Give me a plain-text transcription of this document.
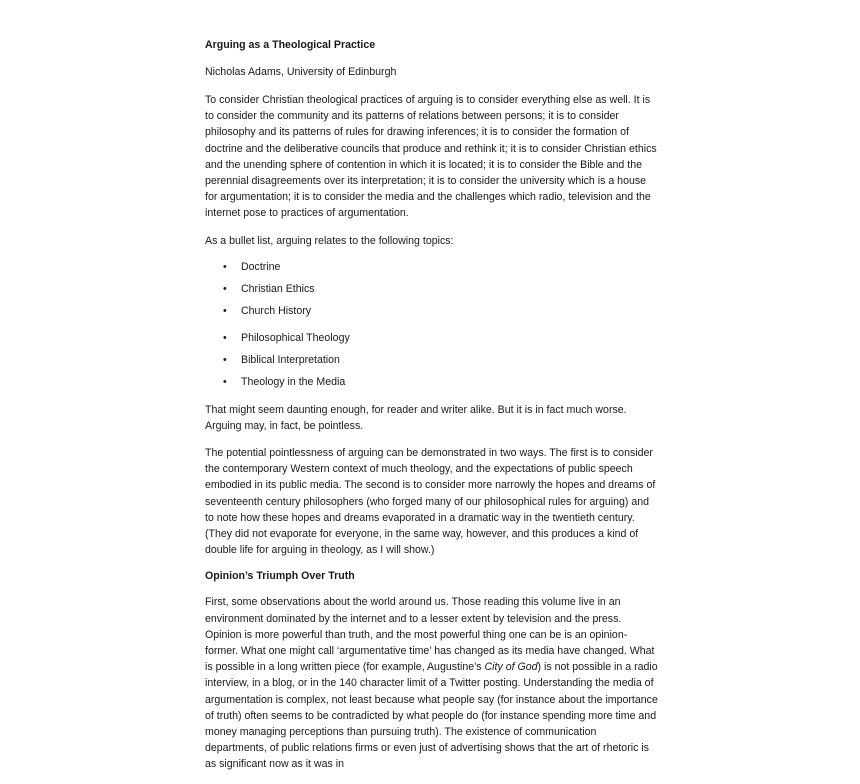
Arguing as a Theological Practice
Nicholas Adams, University of Edinburgh

To consider Christian theological practices of arguing is to consider everything else as well. It is to consider the community and its patterns of relations between persons; it is to consider philosophy and its patterns of rules for drawing inferences; it is to consider the formation of doctrine and the deliberative councils that produce and rethink it; it is to consider Christian ethics and the unending sphere of contention in which it is located; it is to consider the Bible and the perennial disagreements over its interpretation; it is to consider the university which is a house for argumentation; it is to consider the media and the challenges which radio, television and the internet pose to practices of argumentation.

As a bullet list, arguing relates to the following topics:

• Doctrine
• Christian Ethics
• Church History
• Philosophical Theology
• Biblical Interpretation
• Theology in the Media

That might seem daunting enough, for reader and writer alike. But it is in fact much worse. Arguing may, in fact, be pointless.

The potential pointlessness of arguing can be demonstrated in two ways. The first is to consider the contemporary Western context of much theology, and the expectations of public speech embodied in its public media. The second is to consider more narrowly the hopes and dreams of seventeenth century philosophers (who forged many of our philosophical rules for arguing) and to note how these hopes and dreams evaporated in a dramatic way in the twentieth century. (They did not evaporate for everyone, in the same way, however, and this produces a kind of double life for arguing in theology, as I will show.)

Opinion’s Triumph Over Truth

First, some observations about the world around us. Those reading this volume live in an environment dominated by the internet and to a lesser extent by television and the press. Opinion is more powerful than truth, and the most powerful thing one can be is an opinion-former. What one might call ‘argumentative time’ has changed as its media have changed. What is possible in a long written piece (for example, Augustine’s City of God) is not possible in a radio interview, in a blog, or in the 140 character limit of a Twitter posting. Understanding the media of argumentation is complex, not least because what people say (for instance about the importance of truth) often seems to be contradicted by what people do (for instance spending more time and money managing perceptions than pursuing truth). The existence of communication departments, of public relations firms or even just of advertising shows that the art of rhetoric is as significant now as it was in
